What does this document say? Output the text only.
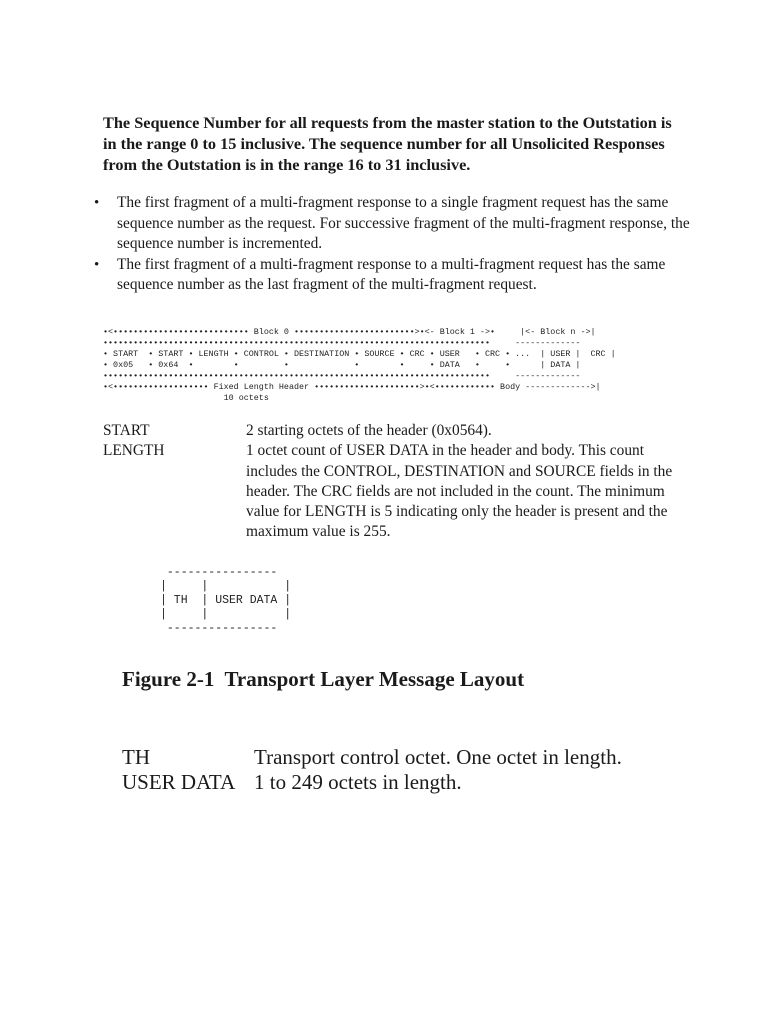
The Sequence Number for all requests from the master station to the Outstation is in the range 0 to 15 inclusive. The sequence number for all Unsolicited Responses from the Outstation is in the range 16 to 31 inclusive.

• The first fragment of a multi-fragment response to a single fragment request has the same sequence number as the request. For successive fragment of the multi-fragment response, the sequence number is incremented.
• The first fragment of a multi-fragment response to a multi-fragment request has the same sequence number as the last fragment of the multi-fragment request.
•<••••••••••••••••••••••••••• Block 0 ••••••••••••••••••••••••>•<- Block 1 ->•     |<- Block n ->|
•••••••••••••••••••••••••••••••••••••••••••••••••••••••••••••••••••••••••••••     -------------
• START  • START • LENGTH • CONTROL • DESTINATION • SOURCE • CRC • USER   • CRC • ...  | USER |  CRC |
• 0x05   • 0x64  •        •         •             •        •     • DATA   •     •      | DATA |
•••••••••••••••••••••••••••••••••••••••••••••••••••••••••••••••••••••••••••••     -------------
•<••••••••••••••••••• Fixed Length Header •••••••••••••••••••••>•<•••••••••••• Body ------------->|
10 octets
START	2 starting octets of the header (0x0564).
LENGTH	1 octet count of USER DATA in the header and body. This count includes the CONTROL, DESTINATION and SOURCE fields in the header. The CRC fields are not included in the count. The minimum value for LENGTH is 5 indicating only the header is present and the maximum value is 255.
----------------
|     |           |
| TH  | USER DATA |
|     |           |
----------------

Figure 2-1  Transport Layer Message Layout

TH	Transport control octet. One octet in length.
USER DATA 1 to 249 octets in length.
